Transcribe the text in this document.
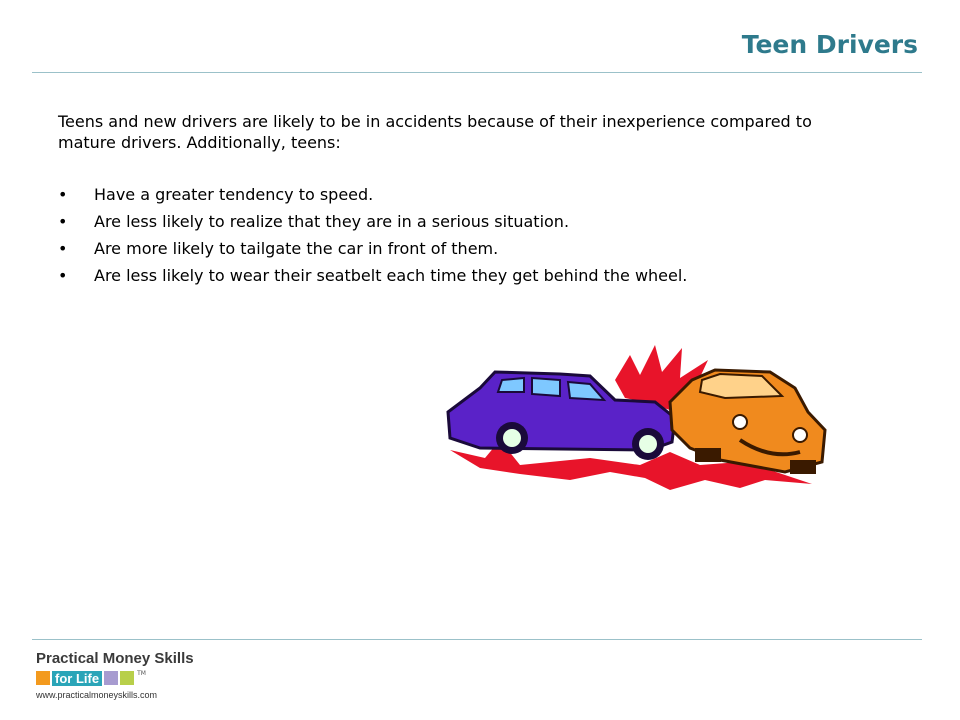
Teen Drivers

Teens and new drivers are likely to be in accidents because of their inexperience compared to mature drivers. Additionally, teens:

• Have a greater tendency to speed.
• Are less likely to realize that they are in a serious situation.
• Are more likely to tailgate the car in front of them.
• Are less likely to wear their seatbelt each time they get behind the wheel.
Practical Money Skills
for Life	TM
www.practicalmoneyskills.com
